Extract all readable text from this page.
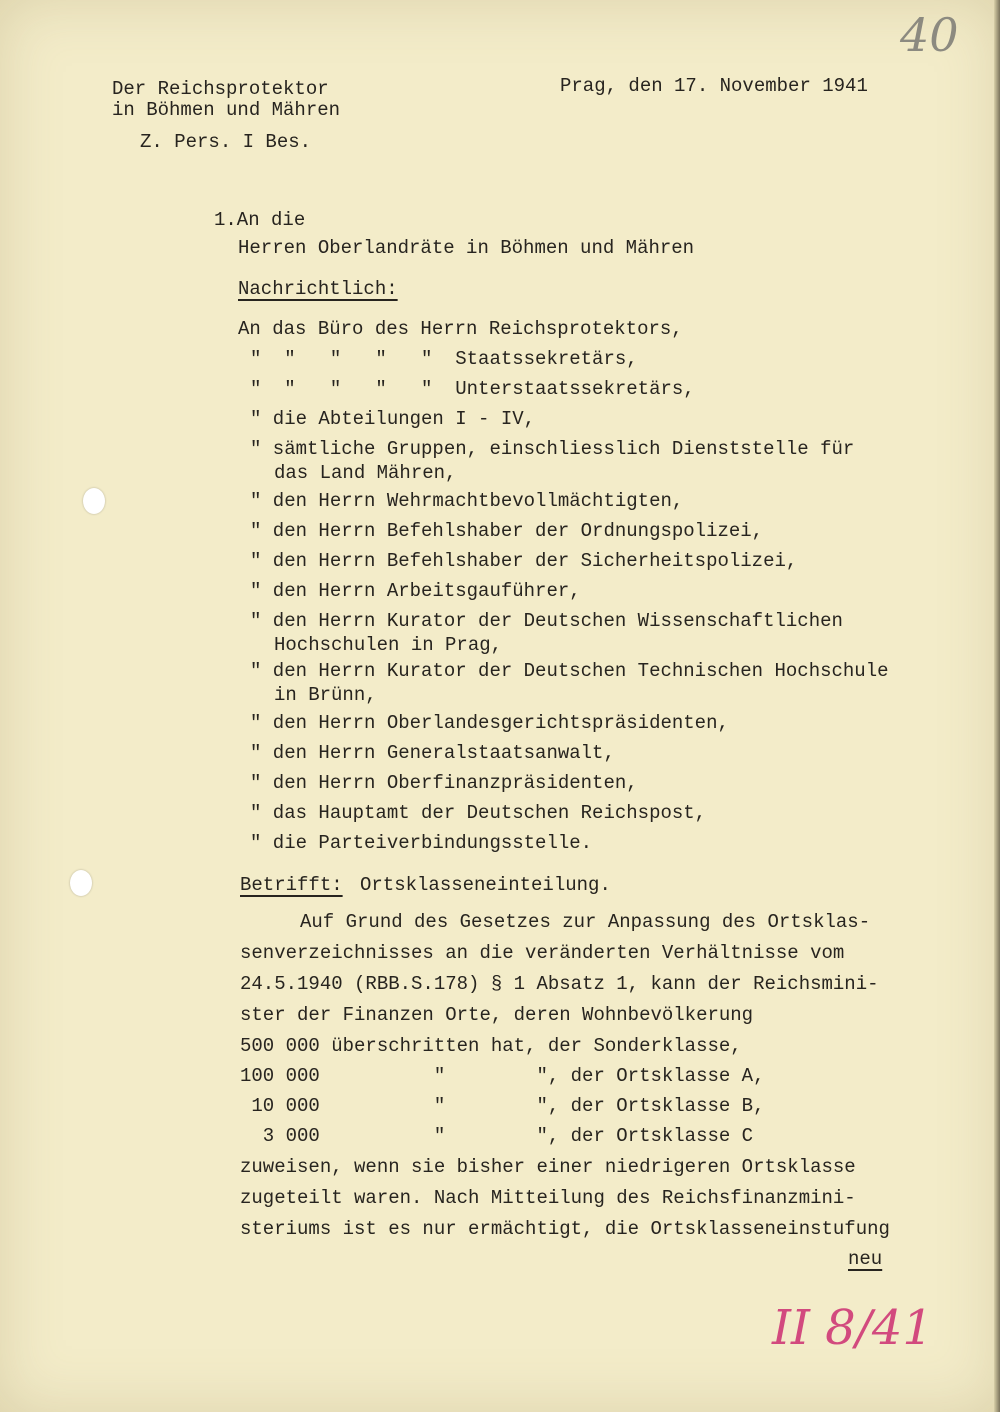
40
Der Reichsprotektor
in Böhmen und Mähren
Z. Pers. I Bes.
Prag, den 17. November 1941
1.An die
Herren Oberlandräte in Böhmen und Mähren
Nachrichtlich:
An das Büro des Herrn Reichsprotektors,
"  "   "   "   "  Staatssekretärs,
"  "   "   "   "  Unterstaatssekretärs,
" die Abteilungen I - IV,
" sämtliche Gruppen, einschliesslich Dienststelle für
das Land Mähren,
" den Herrn Wehrmachtbevollmächtigten,
" den Herrn Befehlshaber der Ordnungspolizei,
" den Herrn Befehlshaber der Sicherheitspolizei,
" den Herrn Arbeitsgauführer,
" den Herrn Kurator der Deutschen Wissenschaftlichen
Hochschulen in Prag,
" den Herrn Kurator der Deutschen Technischen Hochschule
in Brünn,
" den Herrn Oberlandesgerichtspräsidenten,
" den Herrn Generalstaatsanwalt,
" den Herrn Oberfinanzpräsidenten,
" das Hauptamt der Deutschen Reichspost,
" die Parteiverbindungsstelle.
Betrifft: Ortsklasseneinteilung.
Auf Grund des Gesetzes zur Anpassung des Ortsklas-
senverzeichnisses an die veränderten Verhältnisse vom
24.5.1940 (RBB.S.178) § 1 Absatz 1, kann der Reichsmini-
ster der Finanzen Orte, deren Wohnbevölkerung
500 000 überschritten hat, der Sonderklasse,
100 000          "        ", der Ortsklasse A,
10 000          "        ", der Ortsklasse B,
3 000          "        ", der Ortsklasse C
zuweisen, wenn sie bisher einer niedrigeren Ortsklasse
zugeteilt waren. Nach Mitteilung des Reichsfinanzmini-
steriums ist es nur ermächtigt, die Ortsklasseneinstufung
neu
II 8/41
